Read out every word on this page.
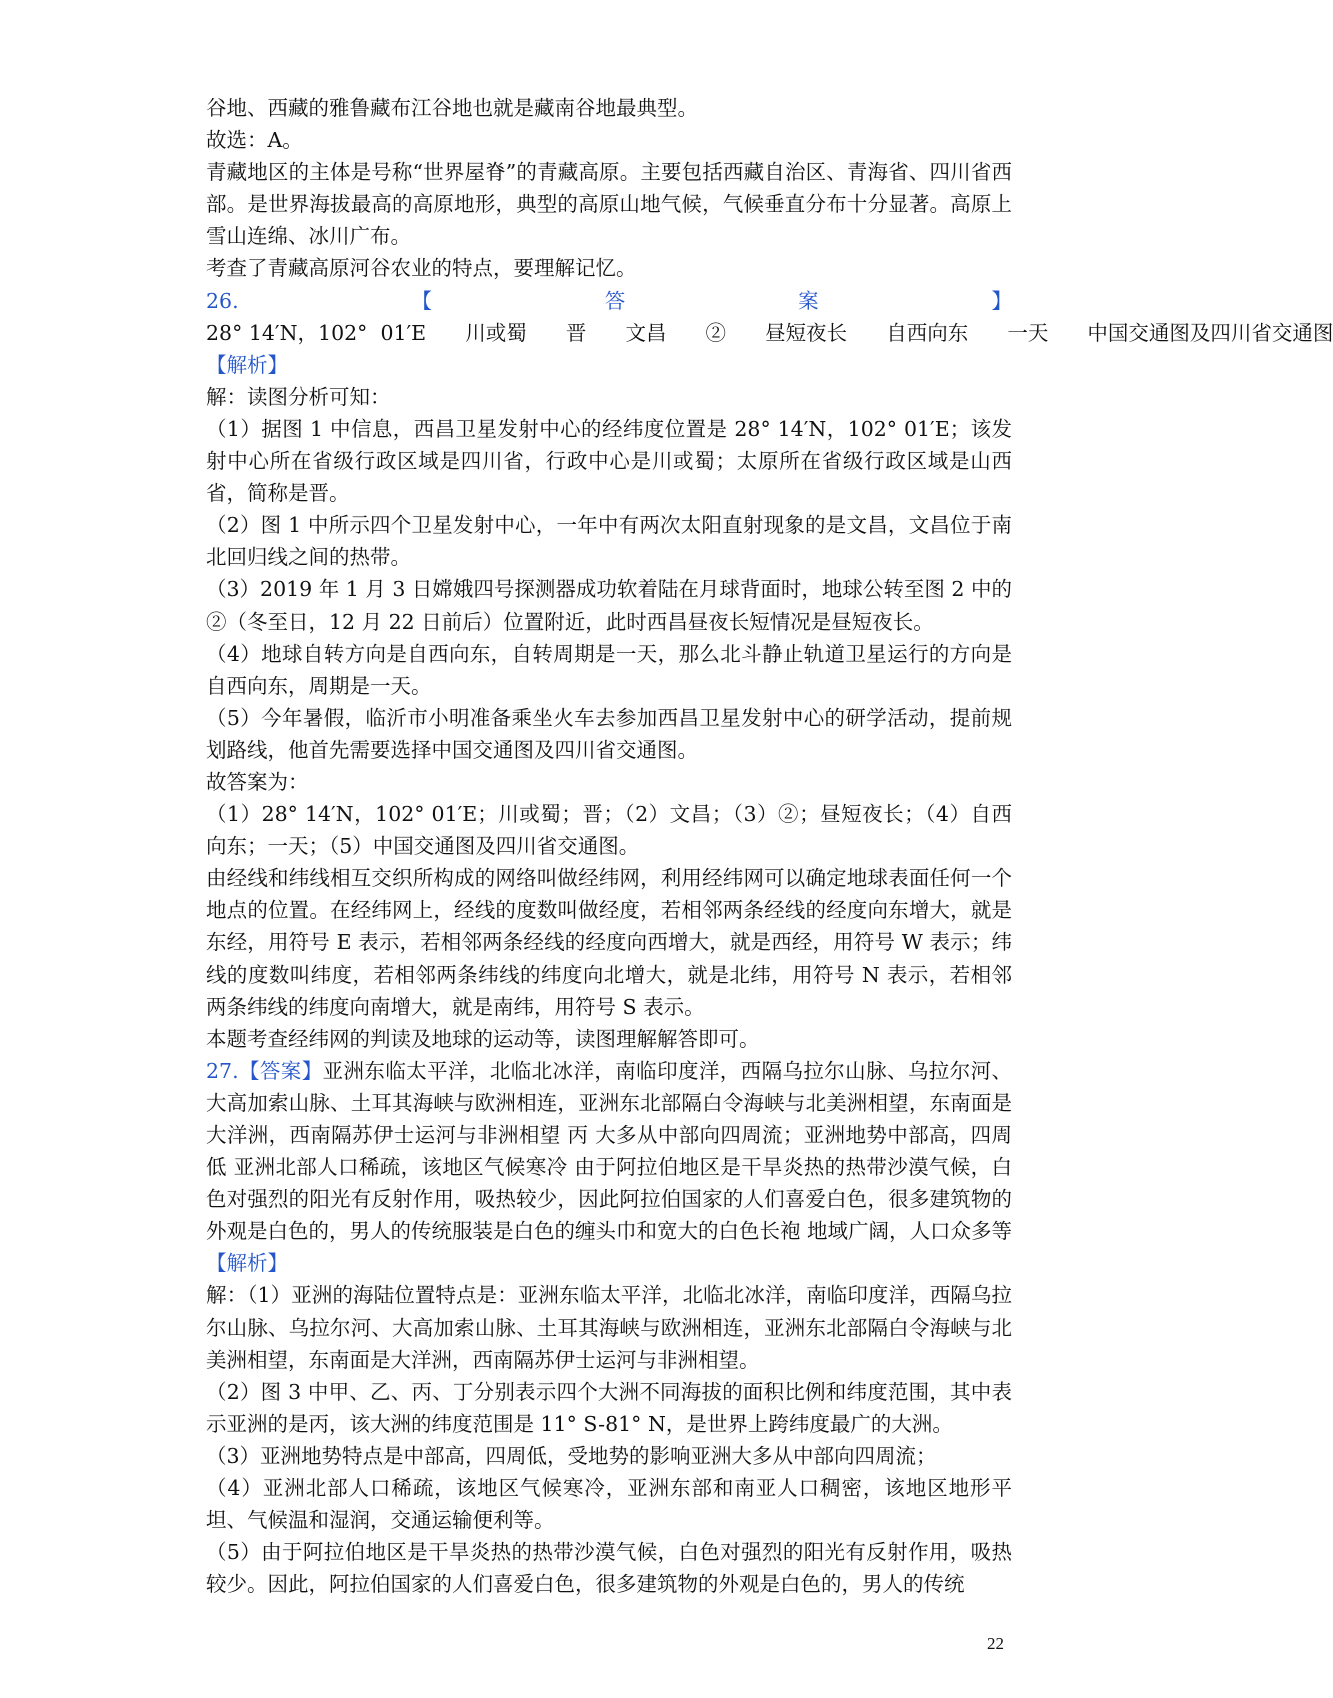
谷地、西藏的雅鲁藏布江谷地也就是藏南谷地最典型。

故选：A。

青藏地区的主体是号称“世界屋脊”的青藏高原。主要包括西藏自治区、青海省、四川省西部。是世界海拔最高的高原地形，典型的高原山地气候，气候垂直分布十分显著。高原上雪山连绵、冰川广布。

考查了青藏高原河谷农业的特点，要理解记忆。

26.【答案】28° 14′N，102°  01′E      川或蜀      晋      文昌      ②      昼短夜长      自西向东      一天      中国交通图及四川省交通图

【解析】

解：读图分析可知：

（1）据图 1 中信息，西昌卫星发射中心的经纬度位置是 28° 14′N，102° 01′E；该发射中心所在省级行政区域是四川省，行政中心是川或蜀；太原所在省级行政区域是山西省，简称是晋。

（2）图 1 中所示四个卫星发射中心，一年中有两次太阳直射现象的是文昌，文昌位于南北回归线之间的热带。

（3）2019 年 1 月 3 日嫦娥四号探测器成功软着陆在月球背面时，地球公转至图 2 中的②（冬至日，12 月 22 日前后）位置附近，此时西昌昼夜长短情况是昼短夜长。

（4）地球自转方向是自西向东，自转周期是一天，那么北斗静止轨道卫星运行的方向是自西向东，周期是一天。

（5）今年暑假，临沂市小明准备乘坐火车去参加西昌卫星发射中心的研学活动，提前规划路线，他首先需要选择中国交通图及四川省交通图。

故答案为：

（1）28° 14′N，102° 01′E；川或蜀；晋；（2）文昌；（3）②；昼短夜长；（4）自西向东；一天；（5）中国交通图及四川省交通图。

由经线和纬线相互交织所构成的网络叫做经纬网，利用经纬网可以确定地球表面任何一个地点的位置。在经纬网上，经线的度数叫做经度，若相邻两条经线的经度向东增大，就是东经，用符号 E 表示，若相邻两条经线的经度向西增大，就是西经，用符号 W 表示；纬线的度数叫纬度，若相邻两条纬线的纬度向北增大，就是北纬，用符号 N 表示，若相邻两条纬线的纬度向南增大，就是南纬，用符号 S 表示。

本题考查经纬网的判读及地球的运动等，读图理解解答即可。

27.【答案】亚洲东临太平洋，北临北冰洋，南临印度洋，西隔乌拉尔山脉、乌拉尔河、大高加索山脉、土耳其海峡与欧洲相连，亚洲东北部隔白令海峡与北美洲相望，东南面是大洋洲，西南隔苏伊士运河与非洲相望 丙 大多从中部向四周流；亚洲地势中部高，四周低 亚洲北部人口稀疏，该地区气候寒冷 由于阿拉伯地区是干旱炎热的热带沙漠气候，白色对强烈的阳光有反射作用，吸热较少，因此阿拉伯国家的人们喜爱白色，很多建筑物的外观是白色的，男人的传统服装是白色的缠头巾和宽大的白色长袍 地域广阔，人口众多等

【解析】

解：（1）亚洲的海陆位置特点是：亚洲东临太平洋，北临北冰洋，南临印度洋，西隔乌拉尔山脉、乌拉尔河、大高加索山脉、土耳其海峡与欧洲相连，亚洲东北部隔白令海峡与北美洲相望，东南面是大洋洲，西南隔苏伊士运河与非洲相望。

（2）图 3 中甲、乙、丙、丁分别表示四个大洲不同海拔的面积比例和纬度范围，其中表示亚洲的是丙，该大洲的纬度范围是 11° S-81° N，是世界上跨纬度最广的大洲。

（3）亚洲地势特点是中部高，四周低，受地势的影响亚洲大多从中部向四周流；

（4）亚洲北部人口稀疏，该地区气候寒冷，亚洲东部和南亚人口稠密，该地区地形平坦、气候温和湿润，交通运输便利等。

（5）由于阿拉伯地区是干旱炎热的热带沙漠气候，白色对强烈的阳光有反射作用，吸热较少。因此，阿拉伯国家的人们喜爱白色，很多建筑物的外观是白色的，男人的传统

22
